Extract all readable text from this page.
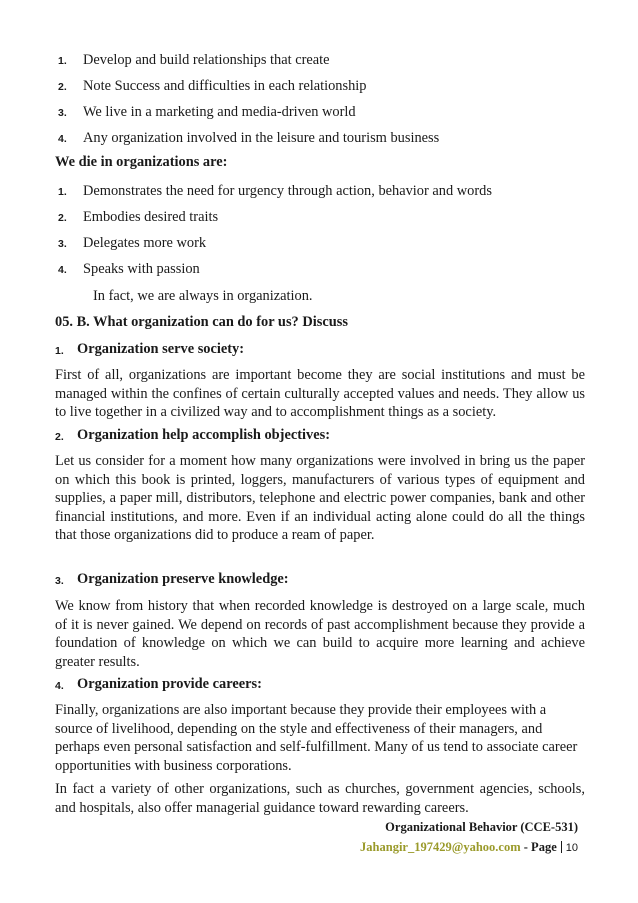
1. Develop and build relationships that create
2. Note Success and difficulties in each relationship
3. We live in a marketing and media-driven world
4. Any organization involved in the leisure and tourism business
We die in organizations are:
1. Demonstrates the need for urgency through action, behavior and words
2. Embodies desired traits
3. Delegates more work
4. Speaks with passion
In fact, we are always in organization.
05. B. What organization can do for us? Discuss
1. Organization serve society:

First of all, organizations are important become they are social institutions and must be managed within the confines of certain culturally accepted values and needs. They allow us to live together in a civilized way and to accomplishment things as a society.

2. Organization help accomplish objectives:

Let us consider for a moment how many organizations were involved in bring us the paper on which this book is printed, loggers, manufacturers of various types of equipment and supplies, a paper mill, distributors, telephone and electric power companies, bank and other financial institutions, and more. Even if an individual acting alone could do all the things that those organizations did to produce a ream of paper.

3. Organization preserve knowledge:

We know from history that when recorded knowledge is destroyed on a large scale, much of it is never gained. We depend on records of past accomplishment because they provide a foundation of knowledge on which we can build to acquire more learning and achieve greater results.

4. Organization provide careers:

Finally, organizations are also important because they provide their employees with a source of livelihood, depending on the style and effectiveness of their managers, and perhaps even personal satisfaction and self-fulfillment. Many of us tend to associate career opportunities with business corporations.

In fact a variety of other organizations, such as churches, government agencies, schools, and hospitals, also offer managerial guidance toward rewarding careers.

Organizational Behavior (CCE-531)
Jahangir_197429@yahoo.com - Page 10
